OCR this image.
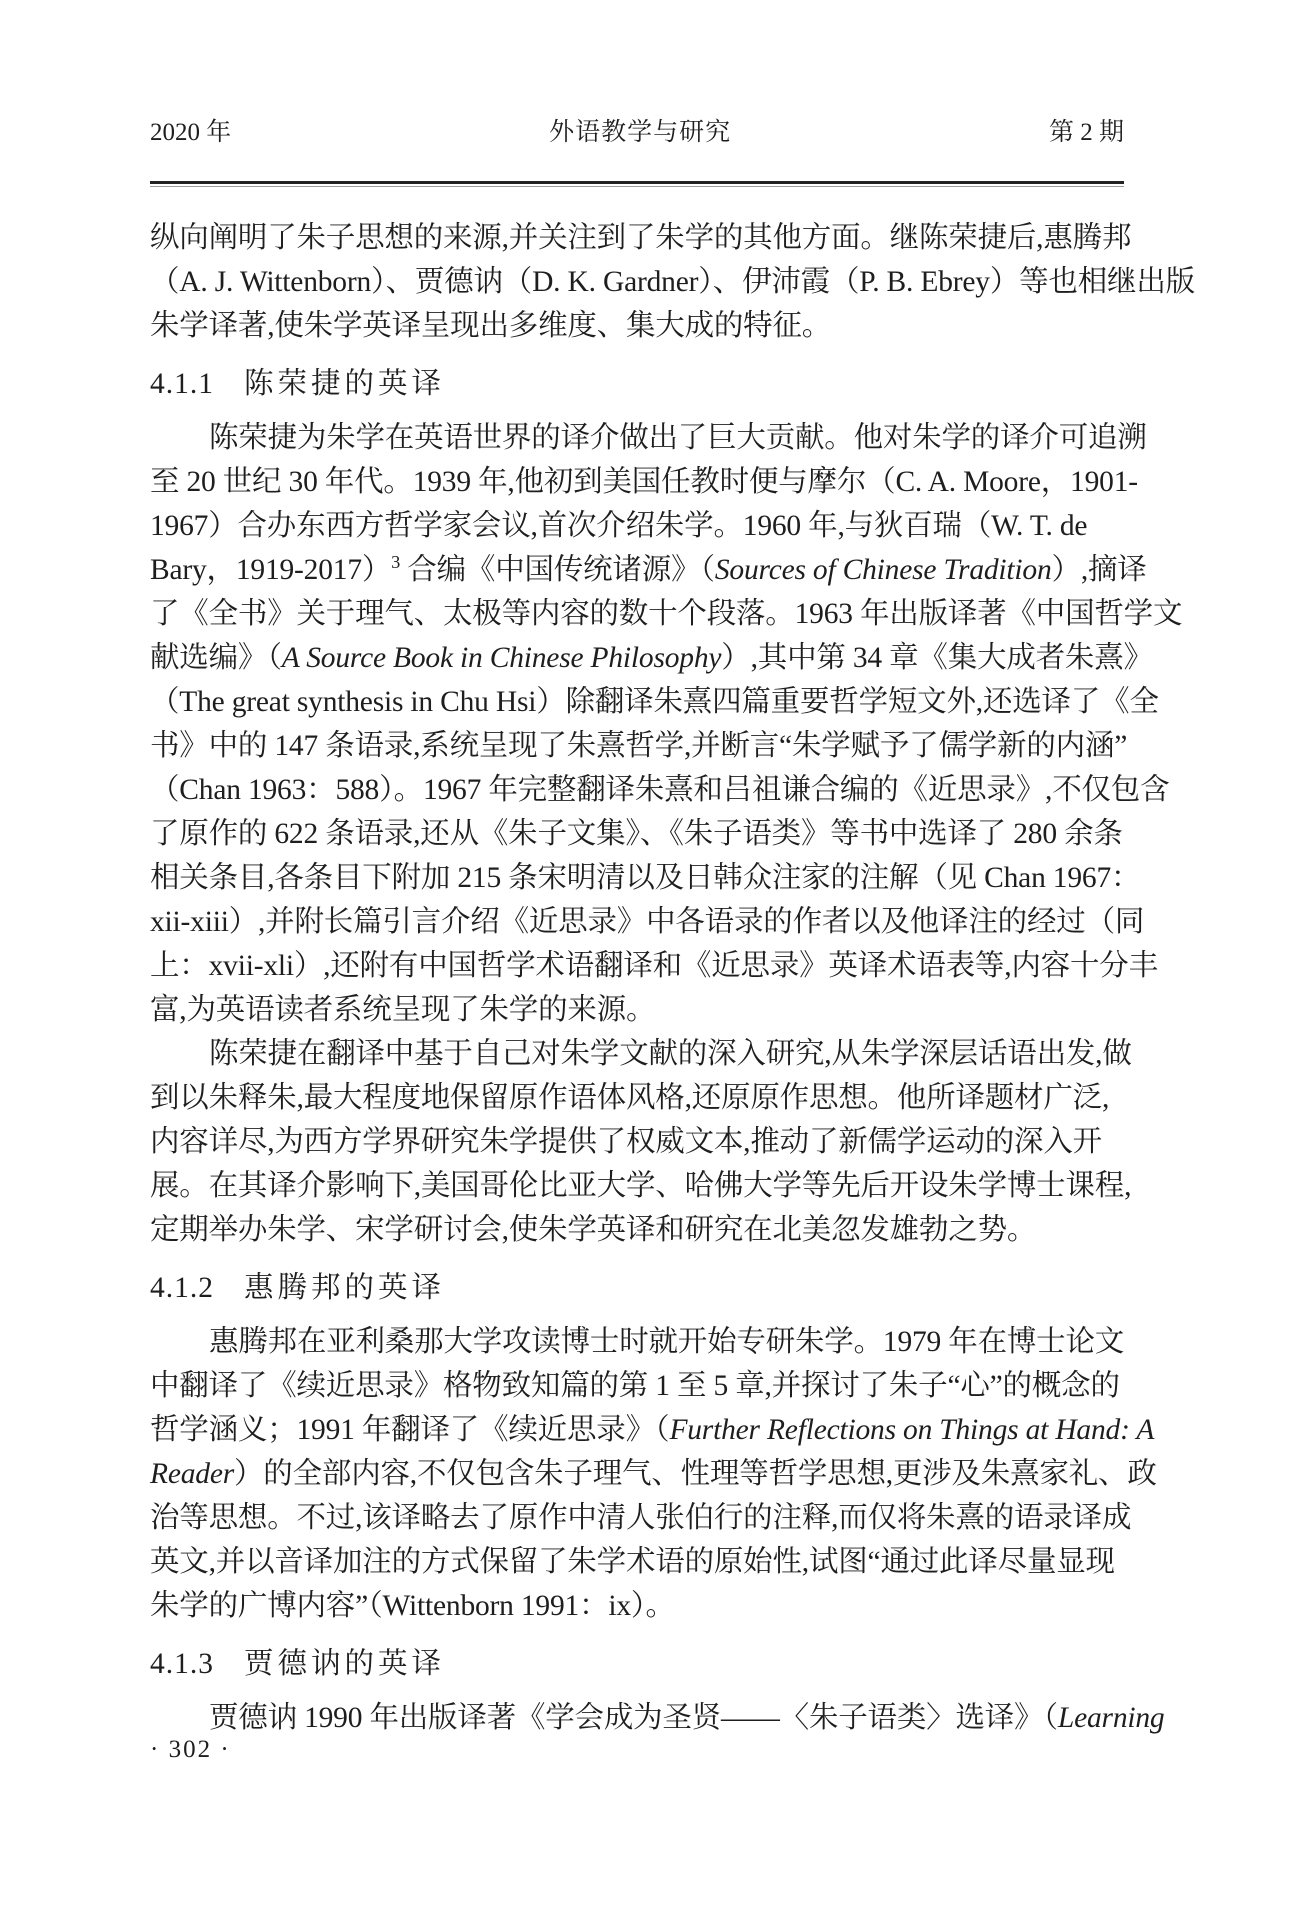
2020 年	外语教学与研究	第 2 期
纵向阐明了朱子思想的来源,并关注到了朱学的其他方面。继陈荣捷后,惠腾邦
（A. J. Wittenborn）、贾德讷（D. K. Gardner）、伊沛霞（P. B. Ebrey）等也相继出版
朱学译著,使朱学英译呈现出多维度、集大成的特征。
4.1.1 陈荣捷的英译
陈荣捷为朱学在英语世界的译介做出了巨大贡献。他对朱学的译介可追溯
至 20 世纪 30 年代。1939 年,他初到美国任教时便与摩尔（C. A. Moore，1901-
1967）合办东西方哲学家会议,首次介绍朱学。1960 年,与狄百瑞（W. T. de
Bary，1919-2017）$^3$ 合编《中国传统诸源》（Sources of Chinese Tradition）,摘译
了《全书》关于理气、太极等内容的数十个段落。1963 年出版译著《中国哲学文
献选编》（A Source Book in Chinese Philosophy）,其中第 34 章《集大成者朱熹》
（The great synthesis in Chu Hsi）除翻译朱熹四篇重要哲学短文外,还选译了《全
书》中的 147 条语录,系统呈现了朱熹哲学,并断言“朱学赋予了儒学新的内涵”
（Chan 1963：588）。1967 年完整翻译朱熹和吕祖谦合编的《近思录》,不仅包含
了原作的 622 条语录,还从《朱子文集》、《朱子语类》等书中选译了 280 余条
相关条目,各条目下附加 215 条宋明清以及日韩众注家的注解（见 Chan 1967：
xii-xiii）,并附长篇引言介绍《近思录》中各语录的作者以及他译注的经过（同
上：xvii-xli）,还附有中国哲学术语翻译和《近思录》英译术语表等,内容十分丰
富,为英语读者系统呈现了朱学的来源。
陈荣捷在翻译中基于自己对朱学文献的深入研究,从朱学深层话语出发,做
到以朱释朱,最大程度地保留原作语体风格,还原原作思想。他所译题材广泛,
内容详尽,为西方学界研究朱学提供了权威文本,推动了新儒学运动的深入开
展。在其译介影响下,美国哥伦比亚大学、哈佛大学等先后开设朱学博士课程,
定期举办朱学、宋学研讨会,使朱学英译和研究在北美忽发雄勃之势。
4.1.2 惠腾邦的英译
惠腾邦在亚利桑那大学攻读博士时就开始专研朱学。1979 年在博士论文
中翻译了《续近思录》格物致知篇的第 1 至 5 章,并探讨了朱子“心”的概念的
哲学涵义；1991 年翻译了《续近思录》（Further Reflections on Things at Hand: A
Reader）的全部内容,不仅包含朱子理气、性理等哲学思想,更涉及朱熹家礼、政
治等思想。不过,该译略去了原作中清人张伯行的注释,而仅将朱熹的语录译成
英文,并以音译加注的方式保留了朱学术语的原始性,试图“通过此译尽量显现
朱学的广博内容”（Wittenborn 1991：ix）。
4.1.3 贾德讷的英译
贾德讷 1990 年出版译著《学会成为圣贤——〈朱子语类〉选译》（Learning
· 302 ·
